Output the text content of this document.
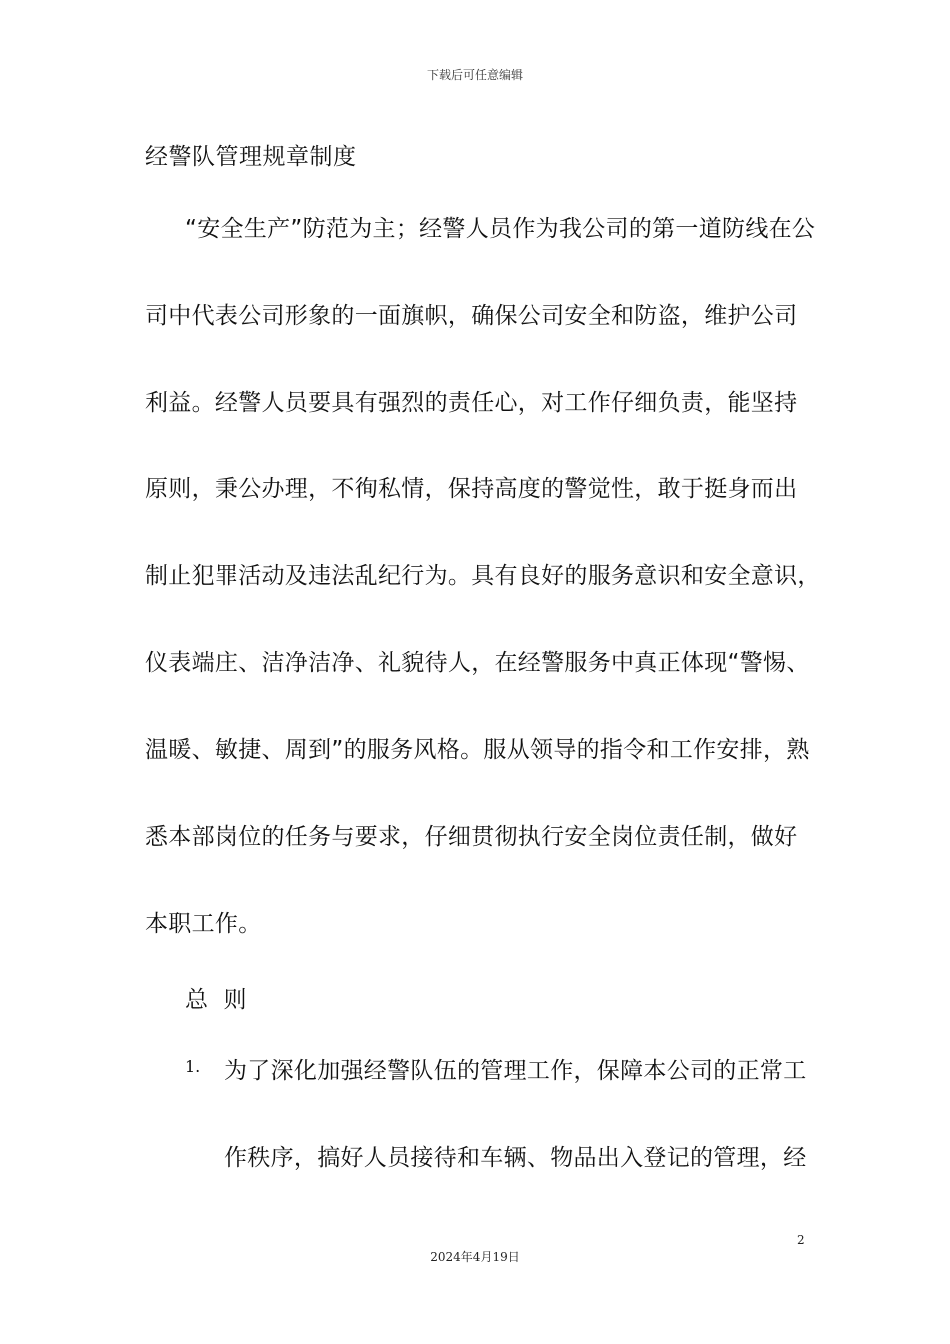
下载后可任意编辑
经警队管理规章制度
“安全生产”防范为主；经警人员作为我公司的第一道防线在公
司中代表公司形象的一面旗帜，确保公司安全和防盗，维护公司
利益。经警人员要具有强烈的责任心，对工作仔细负责，能坚持
原则，秉公办理，不徇私情，保持高度的警觉性，敢于挺身而出
制止犯罪活动及违法乱纪行为。具有良好的服务意识和安全意识，
仪表端庄、洁净洁净、礼貌待人，在经警服务中真正体现“警惕、
温暖、敏捷、周到”的服务风格。服从领导的指令和工作安排，熟
悉本部岗位的任务与要求，仔细贯彻执行安全岗位责任制，做好
本职工作。
总  则
1. 为了深化加强经警队伍的管理工作，保障本公司的正常工
作秩序，搞好人员接待和车辆、物品出入登记的管理，经
2
2024年4月19日
